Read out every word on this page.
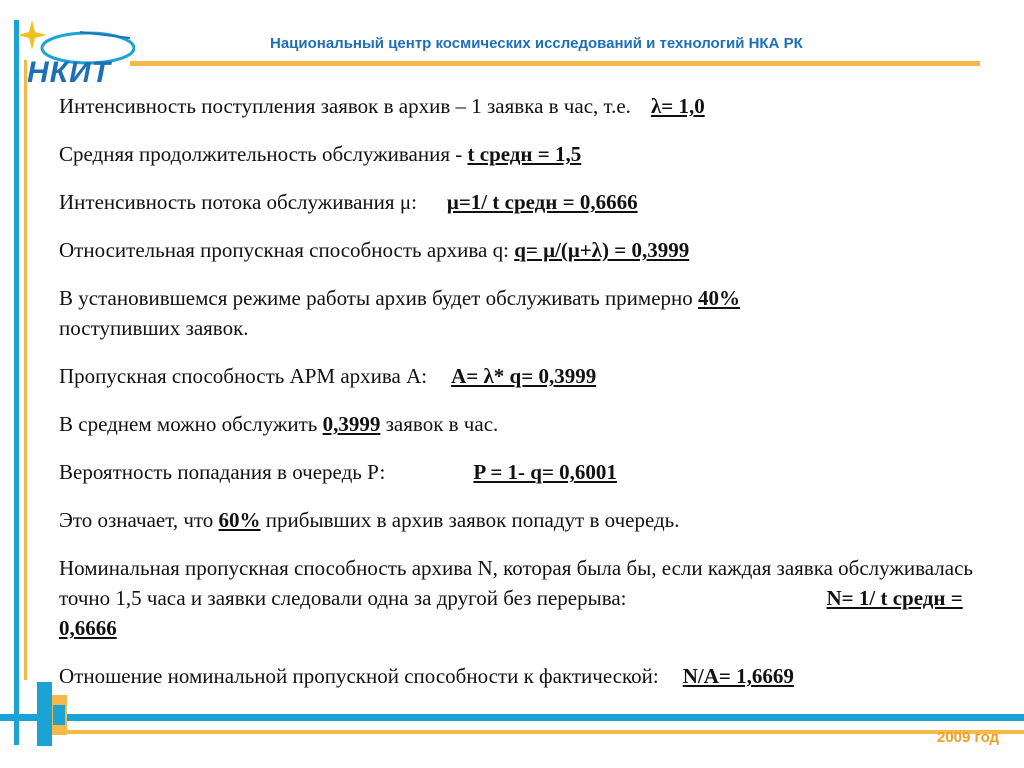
НКИТ
Национальный центр космических исследований и технологий НКА РК
Интенсивность поступления заявок в архив – 1 заявка в час, т.е. λ= 1,0
Средняя продолжительность обслуживания - t средн = 1,5
Интенсивность потока обслуживания μ: μ=1/ t средн = 0,6666
Относительная пропускная способность архива q: q= μ/(μ+λ) = 0,3999
В установившемся режиме работы архив будет обслуживать примерно 40%
поступивших заявок.
Пропускная способность АРМ архива А: A= λ* q= 0,3999
В среднем можно обслужить 0,3999 заявок в час.
Вероятность попадания в очередь Р:	P = 1- q= 0,6001
Это означает, что 60% прибывших в архив заявок попадут в очередь.
Номинальная пропускная способность архива N, которая была бы, если каждая заявка обслуживалась точно 1,5 часа и заявки следовали одна за другой без перерыва:	N= 1/ t средн = 0,6666
Отношение номинальной пропускной способности к фактической: N/A= 1,6669
2009 год
